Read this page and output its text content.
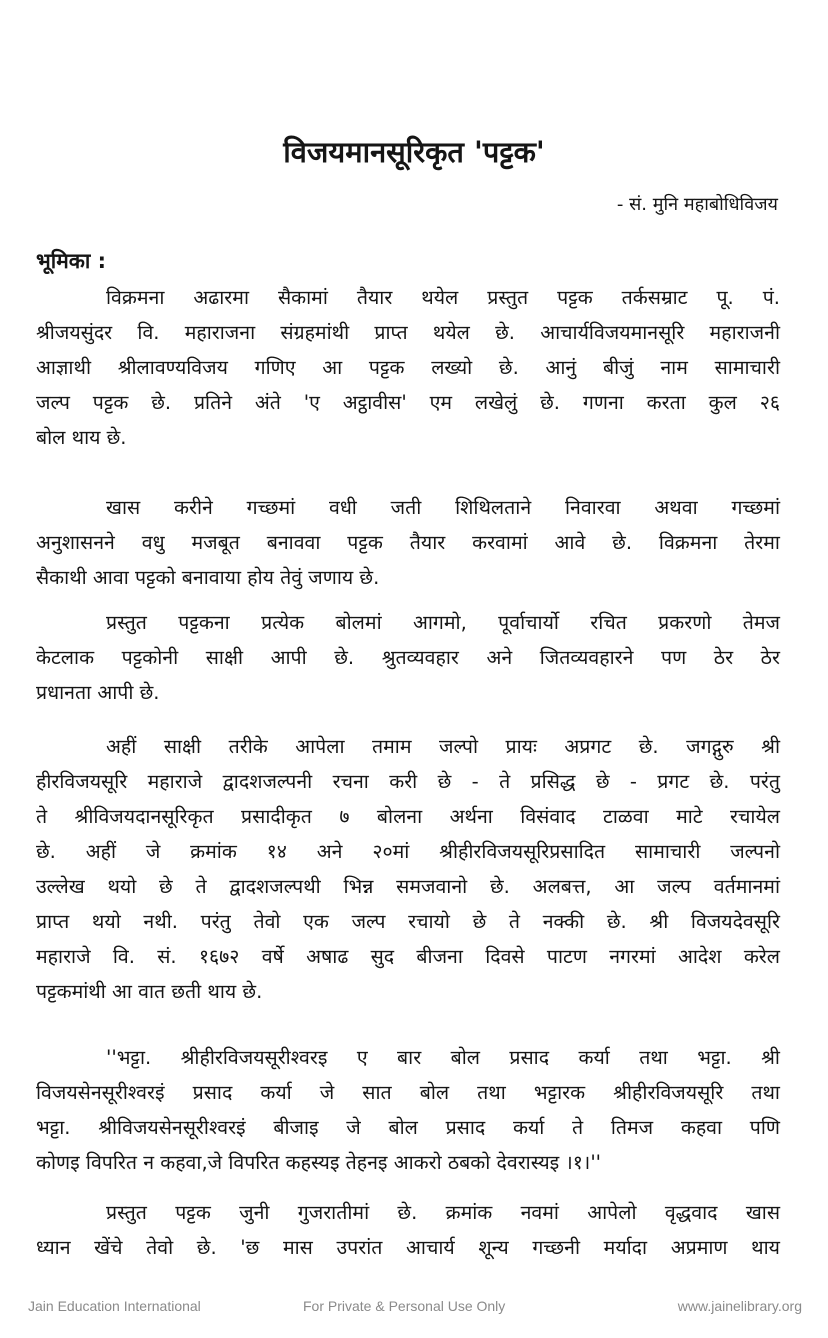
विजयमानसूरिकृत 'पट्टक'
- सं. मुनि महाबोधिविजय
भूमिका :
विक्रमना अढारमा सैकामां तैयार थयेल प्रस्तुत पट्टक तर्कसम्राट पू. पं.
श्रीजयसुंदर वि. महाराजना संग्रहमांथी प्राप्त थयेल छे. आचार्यविजयमानसूरि महाराजनी
आज्ञाथी श्रीलावण्यविजय गणिए आ पट्टक लख्यो छे. आनुं बीजुं नाम सामाचारी
जल्प पट्टक छे. प्रतिने अंते 'ए अट्ठावीस' एम लखेलुं छे. गणना करता कुल २६
बोल थाय छे.
खास करीने गच्छमां वधी जती शिथिलताने निवारवा अथवा गच्छमां
अनुशासनने वधु मजबूत बनाववा पट्टक तैयार करवामां आवे छे. विक्रमना तेरमा
सैकाथी आवा पट्टको बनावाया होय तेवुं जणाय छे.
प्रस्तुत पट्टकना प्रत्येक बोलमां आगमो, पूर्वाचार्यो रचित प्रकरणो तेमज
केटलाक पट्टकोनी साक्षी आपी छे. श्रुतव्यवहार अने जितव्यवहारने पण ठेर ठेर
प्रधानता आपी छे.
अहीं साक्षी तरीके आपेला तमाम जल्पो प्रायः अप्रगट छे. जगद्गुरु श्री
हीरविजयसूरि महाराजे द्वादशजल्पनी रचना करी छे - ते प्रसिद्ध छे - प्रगट छे. परंतु
ते श्रीविजयदानसूरिकृत प्रसादीकृत ७ बोलना अर्थना विसंवाद टाळवा माटे रचायेल
छे. अहीं जे क्रमांक १४ अने २०मां श्रीहीरविजयसूरिप्रसादित सामाचारी जल्पनो
उल्लेख थयो छे ते द्वादशजल्पथी भिन्न समजवानो छे. अलबत्त, आ जल्प वर्तमानमां
प्राप्त थयो नथी. परंतु तेवो एक जल्प रचायो छे ते नक्की छे. श्री विजयदेवसूरि
महाराजे वि. सं. १६७२ वर्षे अषाढ सुद बीजना दिवसे पाटण नगरमां आदेश करेल
पट्टकमांथी आ वात छती थाय छे.
''भट्टा. श्रीहीरविजयसूरीश्वरइ ए बार बोल प्रसाद कर्या तथा भट्टा. श्री
विजयसेनसूरीश्वरइं प्रसाद कर्या जे सात बोल तथा भट्टारक श्रीहीरविजयसूरि तथा
भट्टा. श्रीविजयसेनसूरीश्वरइं बीजाइ जे बोल प्रसाद कर्या ते तिमज कहवा पणि
कोणइ विपरित न कहवा,जे विपरित कहस्यइ तेहनइ आकरो ठबको देवरास्यइ ।१।''
प्रस्तुत पट्टक जुनी गुजरातीमां छे. क्रमांक नवमां आपेलो वृद्धवाद खास
ध्यान खेंचे तेवो छे. 'छ मास उपरांत आचार्य शून्य गच्छनी मर्यादा अप्रमाण थाय
Jain Education International	For Private & Personal Use Only	www.jainelibrary.org
